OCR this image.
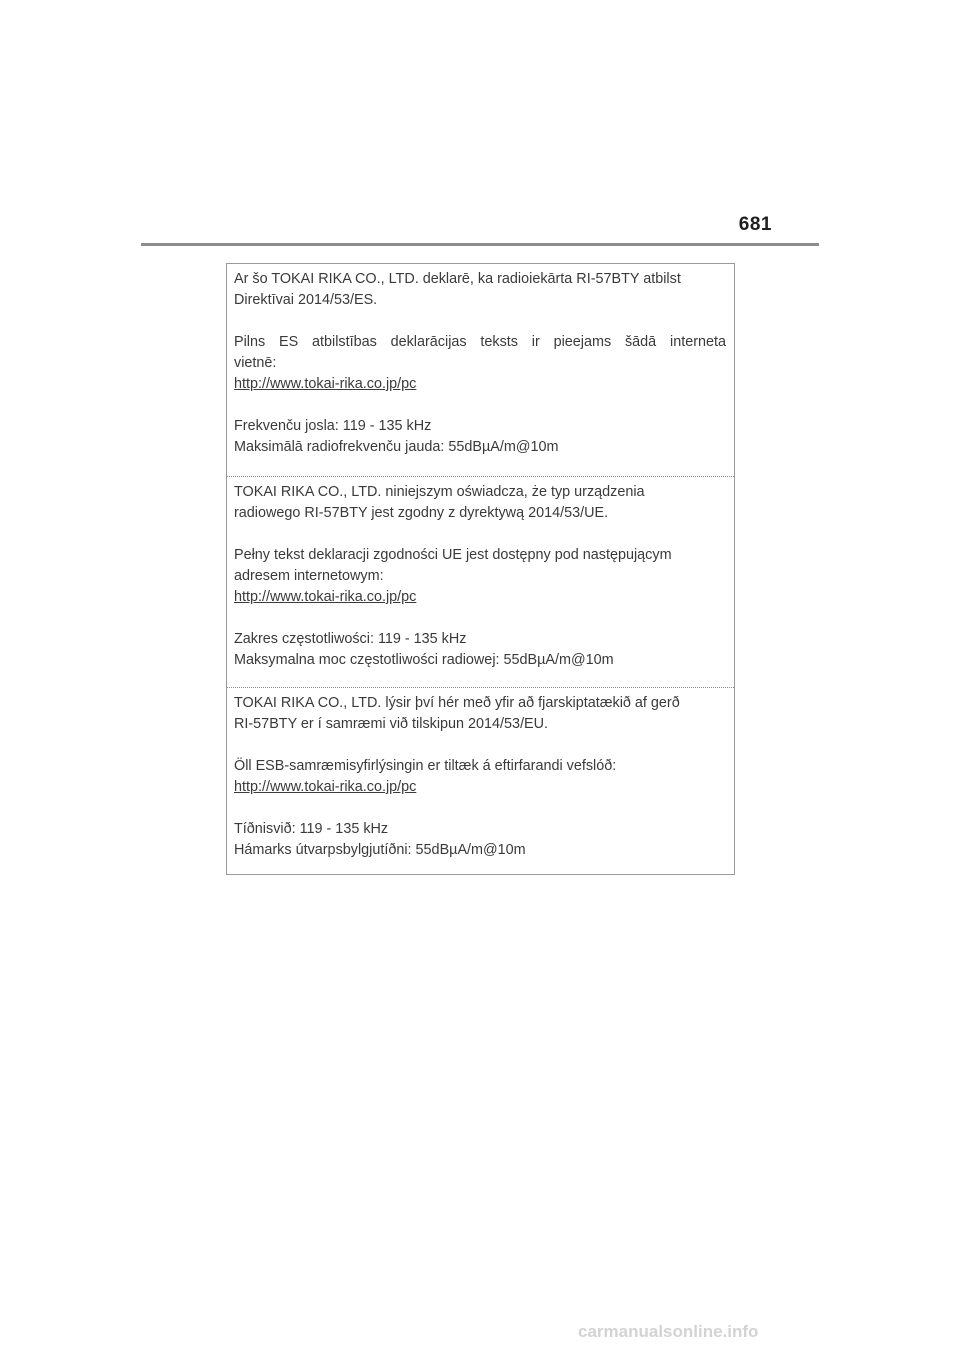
681

Ar šo TOKAI RIKA CO., LTD. deklarē, ka radioiekārta RI-57BTY atbilst

Direktīvai 2014/53/ES.

Pilns ES atbilstības deklarācijas teksts ir pieejams šādā interneta

vietnē:

http://www.tokai-rika.co.jp/pc

Frekvenču josla: 119 - 135 kHz

Maksimālā radiofrekvenču jauda: 55dBµA/m@10m

TOKAI RIKA CO., LTD. niniejszym oświadcza, że typ urządzenia

radiowego RI-57BTY jest zgodny z dyrektywą 2014/53/UE.

Pełny tekst deklaracji zgodności UE jest dostępny pod następującym

adresem internetowym:

http://www.tokai-rika.co.jp/pc

Zakres częstotliwości: 119 - 135 kHz

Maksymalna moc częstotliwości radiowej: 55dBµA/m@10m

TOKAI RIKA CO., LTD. lýsir því hér með yfir að fjarskiptatækið af gerð

RI-57BTY er í samræmi við tilskipun 2014/53/EU.

Öll ESB-samræmisyfirlýsingin er tiltæk á eftirfarandi vefslóð:

http://www.tokai-rika.co.jp/pc

Tíðnisvið: 119 - 135 kHz

Hámarks útvarpsbylgjutíðni: 55dBµA/m@10m

carmanualsonline.info
